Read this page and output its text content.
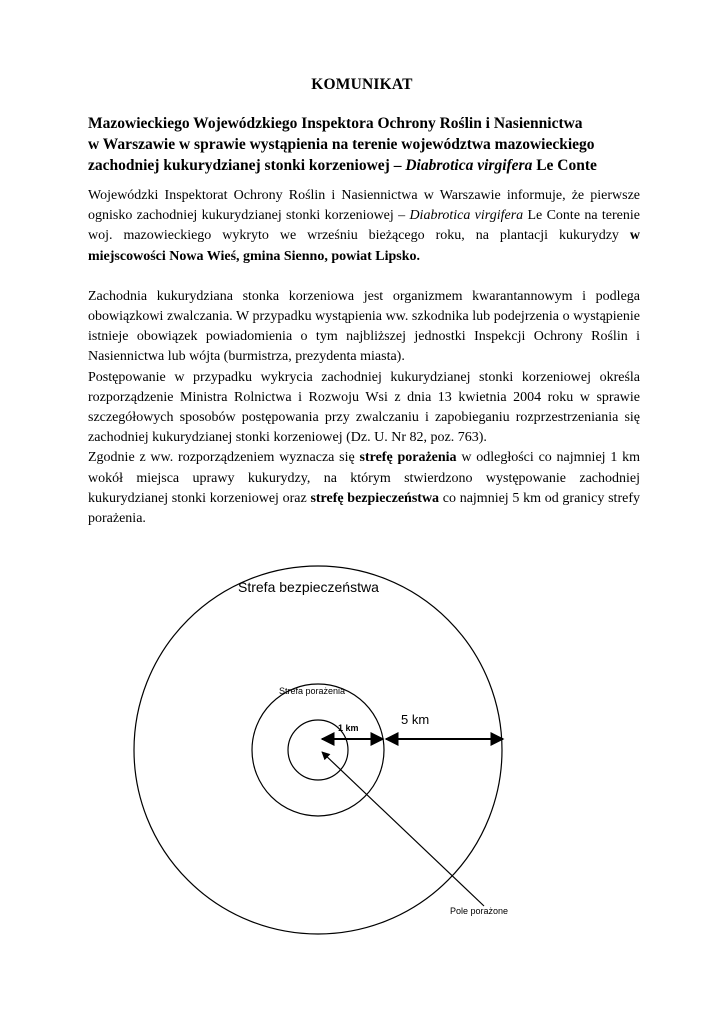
KOMUNIKAT
Mazowieckiego Wojewódzkiego Inspektora Ochrony Roślin i Nasiennictwa
w Warszawie w sprawie wystąpienia na terenie województwa mazowieckiego
zachodniej kukurydzianej stonki korzeniowej – Diabrotica virgifera Le Conte

Wojewódzki Inspektorat Ochrony Roślin i Nasiennictwa w Warszawie informuje, że pierwsze ognisko zachodniej kukurydzianej stonki korzeniowej – Diabrotica virgifera Le Conte na terenie woj. mazowieckiego wykryto we wrześniu bieżącego roku, na plantacji kukurydzy w miejscowości Nowa Wieś, gmina Sienno, powiat Lipsko.

Zachodnia kukurydziana stonka korzeniowa jest organizmem kwarantannowym i podlega obowiązkowi zwalczania. W przypadku wystąpienia ww. szkodnika lub podejrzenia o wystąpienie istnieje obowiązek powiadomienia o tym najbliższej jednostki Inspekcji Ochrony Roślin i Nasiennictwa lub wójta (burmistrza, prezydenta miasta).

Postępowanie w przypadku wykrycia zachodniej kukurydzianej stonki korzeniowej określa rozporządzenie Ministra Rolnictwa i Rozwoju Wsi z dnia 13 kwietnia 2004 roku w sprawie szczegółowych sposobów postępowania przy zwalczaniu i zapobieganiu rozprzestrzeniania się zachodniej kukurydzianej stonki korzeniowej (Dz. U. Nr 82, poz. 763).

Zgodnie z ww. rozporządzeniem wyznacza się strefę porażenia w odległości co najmniej 1 km wokół miejsca uprawy kukurydzy, na którym stwierdzono występowanie zachodniej kukurydzianej stonki korzeniowej oraz strefę bezpieczeństwa co najmniej 5 km od granicy strefy porażenia.

Strefa bezpieczeństwa
Strefa porażenia
1 km
5 km
Pole porażone
